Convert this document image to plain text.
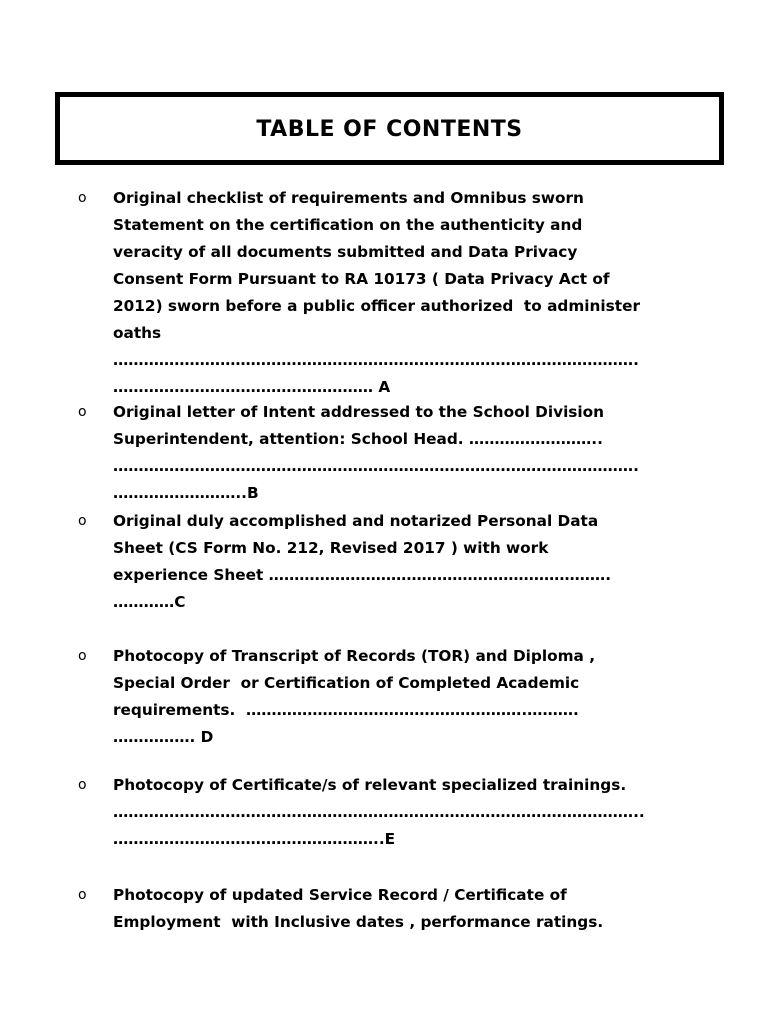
TABLE OF CONTENTS
o Original checklist of requirements and Omnibus sworn
Statement on the certification on the authenticity and
veracity of all documents submitted and Data Privacy
Consent Form Pursuant to RA 10173 ( Data Privacy Act of
2012) sworn before a public officer authorized  to administer
oaths
………………………………………………………………………………………….
…………………………………………… A
o Original letter of Intent addressed to the School Division
Superintendent, attention: School Head. ……………………..
………………………………………………………………………………………….
……………………..B
o Original duly accomplished and notarized Personal Data
Sheet (CS Form No. 212, Revised 2017 ) with work
experience Sheet ………………………………………………………….
…………C
o Photocopy of Transcript of Records (TOR) and Diploma ,
Special Order  or Certification of Completed Academic
requirements.  ……………………………………………….……….
……………. D
o Photocopy of Certificate/s of relevant specialized trainings.
…………………………………………………………………………………………..
……………………………………………..E
o Photocopy of updated Service Record / Certificate of
Employment  with Inclusive dates , performance ratings.
